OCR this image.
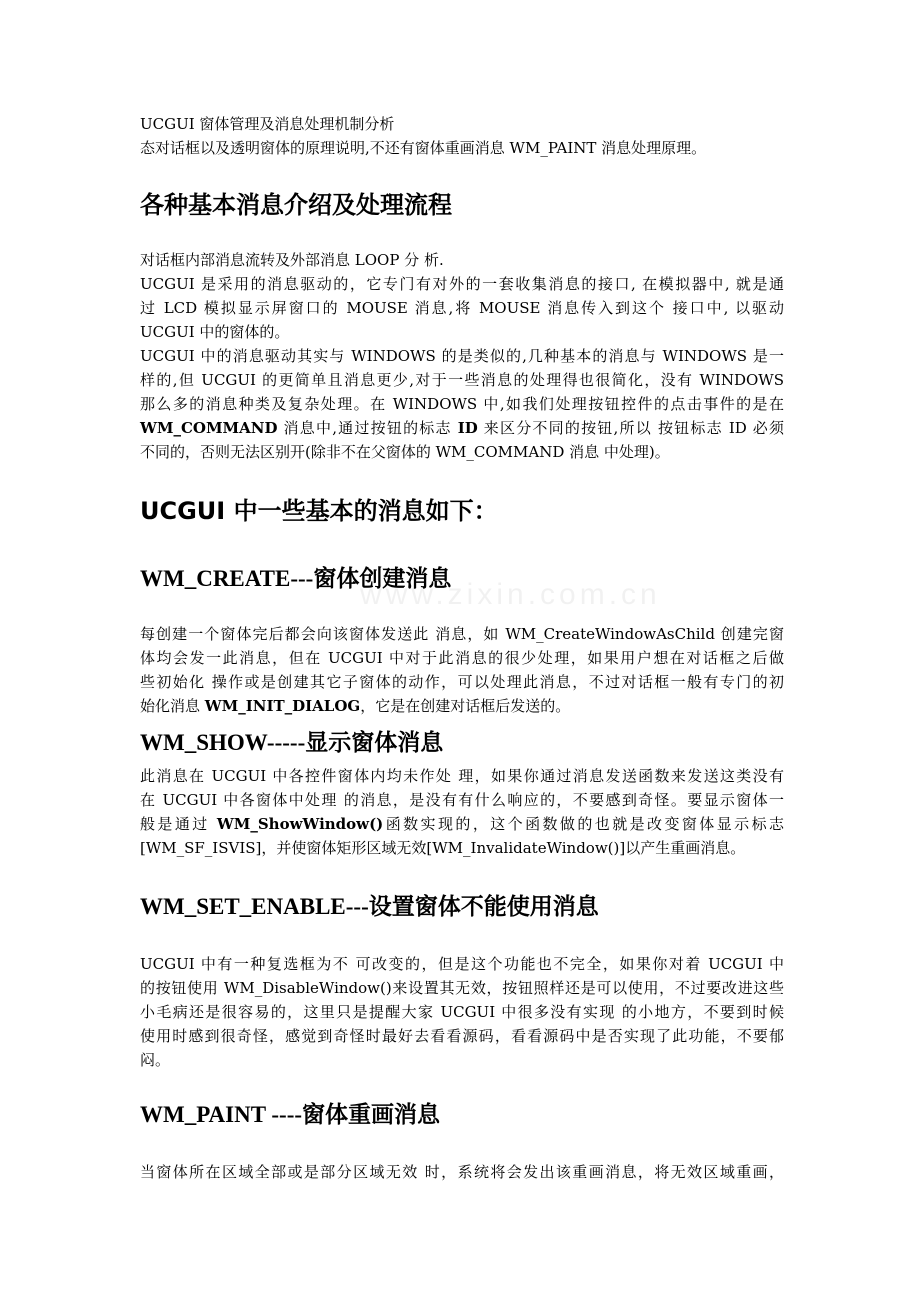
UCGUI 窗体管理及消息处理机制分析
态对话框以及透明窗体的原理说明,不还有窗体重画消息 WM_PAINT 消息处理原理。
各种基本消息介绍及处理流程
对话框内部消息流转及外部消息 LOOP 分 析.
UCGUI 是采用的消息驱动的，它专门有对外的一套收集消息的接口, 在模拟器中, 就是通
过 LCD 模拟显示屏窗口的 MOUSE 消息,将 MOUSE 消息传入到这个 接口中, 以驱动
UCGUI 中的窗体的。
UCGUI 中的消息驱动其实与 WINDOWS 的是类似的,几种基本的消息与 WINDOWS 是一
样的,但 UCGUI 的更简单且消息更少,对于一些消息的处理得也很简化，没有 WINDOWS
那么多的消息种类及复杂处理。在 WINDOWS 中,如我们处理按钮控件的点击事件的是在
WM_COMMAND 消息中,通过按钮的标志 ID 来区分不同的按钮,所以 按钮标志 ID 必须
不同的，否则无法区别开(除非不在父窗体的 WM_COMMAND 消息 中处理)。
UCGUI 中一些基本的消息如下：
WM_CREATE---窗体创建消息
每创建一个窗体完后都会向该窗体发送此 消息，如 WM_CreateWindowAsChild 创建完窗
体均会发一此消息，但在 UCGUI 中对于此消息的很少处理，如果用户想在对话框之后做
些初始化 操作或是创建其它子窗体的动作，可以处理此消息，不过对话框一般有专门的初
始化消息 WM_INIT_DIALOG，它是在创建对话框后发送的。
WM_SHOW-----显示窗体消息
此消息在 UCGUI 中各控件窗体内均未作处 理，如果你通过消息发送函数来发送这类没有
在 UCGUI 中各窗体中处理 的消息，是没有有什么响应的，不要感到奇怪。要显示窗体一
般是通过 WM_ShowWindow()函数实现的，这个函数做的也就是改变窗体显示标志
[WM_SF_ISVIS]，并使窗体矩形区域无效[WM_InvalidateWindow()]以产生重画消息。
WM_SET_ENABLE---设置窗体不能使用消息
UCGUI 中有一种复选框为不 可改变的，但是这个功能也不完全，如果你对着 UCGUI 中
的按钮使用 WM_DisableWindow()来设置其无效，按钮照样还是可以使用，不过要改进这些
小毛病还是很容易的，这里只是提醒大家 UCGUI 中很多没有实现 的小地方，不要到时候
使用时感到很奇怪，感觉到奇怪时最好去看看源码，看看源码中是否实现了此功能，不要郁
闷。
WM_PAINT ----窗体重画消息
当窗体所在区域全部或是部分区域无效 时，系统将会发出该重画消息，将无效区域重画，
www.zixin.com.cn
